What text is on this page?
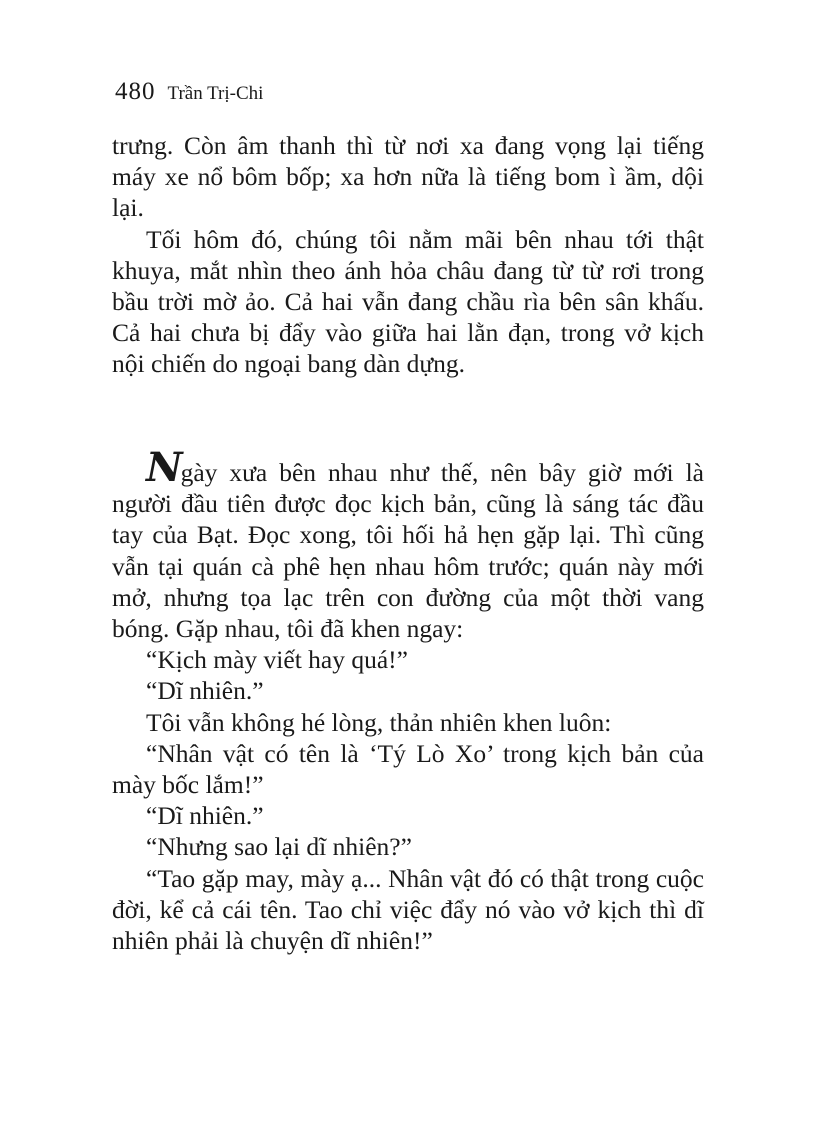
480 Trần Trị-Chi

trưng. Còn âm thanh thì từ nơi xa đang vọng lại tiếng máy xe nổ bôm bốp; xa hơn nữa là tiếng bom ì ầm, dội lại.

Tối hôm đó, chúng tôi nằm mãi bên nhau tới thật khuya, mắt nhìn theo ánh hỏa châu đang từ từ rơi trong bầu trời mờ ảo. Cả hai vẫn đang chầu rìa bên sân khấu. Cả hai chưa bị đẩy vào giữa hai lằn đạn, trong vở kịch nội chiến do ngoại bang dàn dựng.

Ngày xưa bên nhau như thế, nên bây giờ mới là người đầu tiên được đọc kịch bản, cũng là sáng tác đầu tay của Bạt. Đọc xong, tôi hối hả hẹn gặp lại. Thì cũng vẫn tại quán cà phê hẹn nhau hôm trước; quán này mới mở, nhưng tọa lạc trên con đường của một thời vang bóng. Gặp nhau, tôi đã khen ngay:

“Kịch mày viết hay quá!”

“Dĩ nhiên.”

Tôi vẫn không hé lòng, thản nhiên khen luôn:

“Nhân vật có tên là ‘Tý Lò Xo’ trong kịch bản của mày bốc lắm!”

“Dĩ nhiên.”

“Nhưng sao lại dĩ nhiên?”

“Tao gặp may, mày ạ... Nhân vật đó có thật trong cuộc đời, kể cả cái tên. Tao chỉ việc đẩy nó vào vở kịch thì dĩ nhiên phải là chuyện dĩ nhiên!”
